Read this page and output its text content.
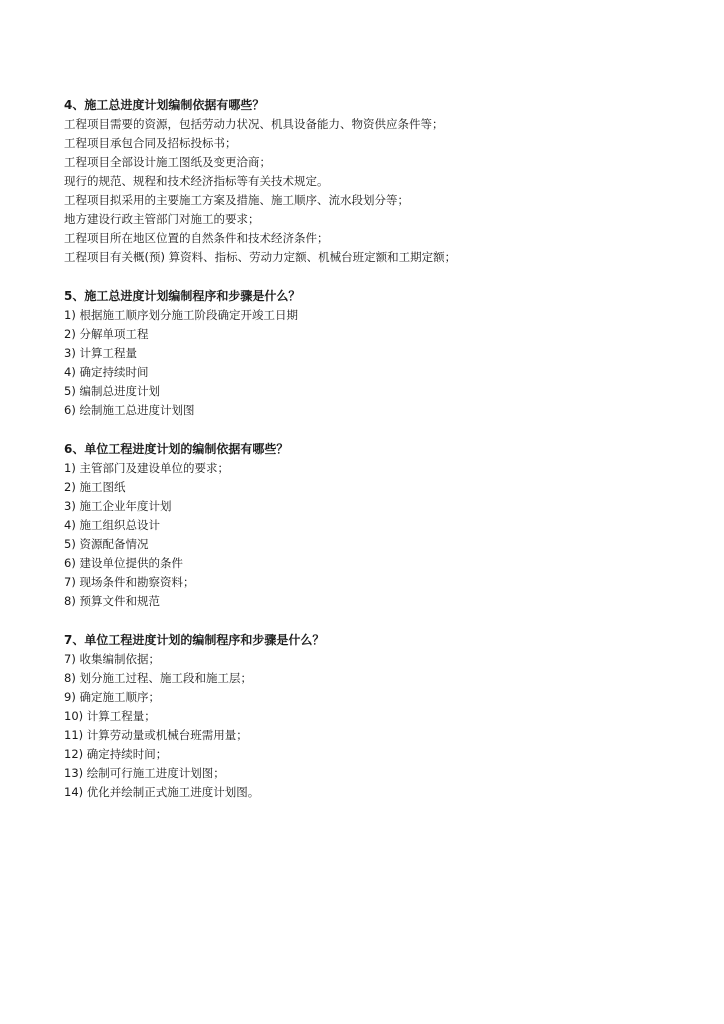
4、施工总进度计划编制依据有哪些？

工程项目需要的资源，包括劳动力状况、机具设备能力、物资供应条件等；

工程项目承包合同及招标投标书；

工程项目全部设计施工图纸及变更洽商；

现行的规范、规程和技术经济指标等有关技术规定。

工程项目拟采用的主要施工方案及措施、施工顺序、流水段划分等；

地方建设行政主管部门对施工的要求；

工程项目所在地区位置的自然条件和技术经济条件；

工程项目有关概(预) 算资料、指标、劳动力定额、机械台班定额和工期定额；

5、施工总进度计划编制程序和步骤是什么？

1) 根据施工顺序划分施工阶段确定开竣工日期

2) 分解单项工程

3) 计算工程量

4) 确定持续时间

5) 编制总进度计划

6) 绘制施工总进度计划图

6、单位工程进度计划的编制依据有哪些？

1) 主管部门及建设单位的要求；

2) 施工图纸

3) 施工企业年度计划

4) 施工组织总设计

5) 资源配备情况

6) 建设单位提供的条件

7) 现场条件和勘察资料；

8) 预算文件和规范

7、单位工程进度计划的编制程序和步骤是什么？

7) 收集编制依据；

8) 划分施工过程、施工段和施工层；

9) 确定施工顺序；

10) 计算工程量；

11) 计算劳动量或机械台班需用量；

12) 确定持续时间；

13) 绘制可行施工进度计划图；

14) 优化并绘制正式施工进度计划图。
